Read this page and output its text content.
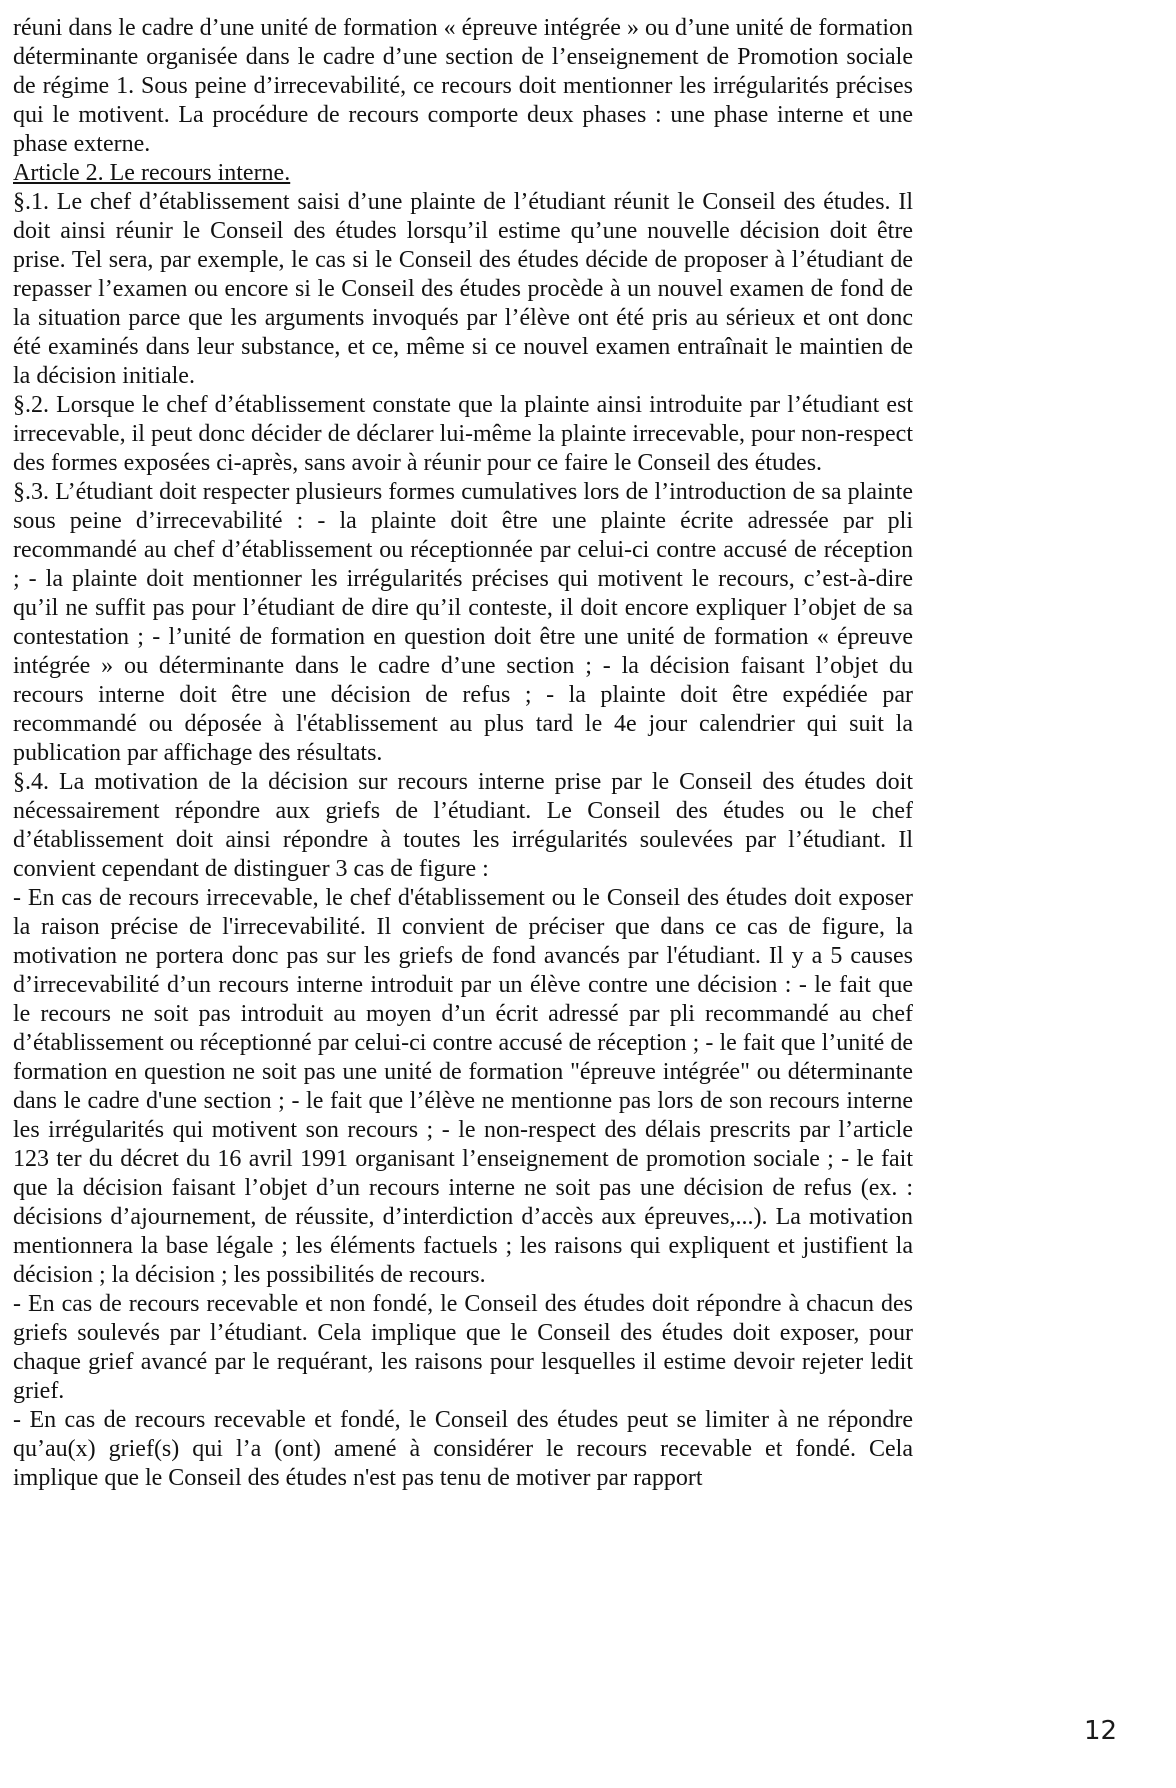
réuni dans le cadre d’une unité de formation « épreuve intégrée » ou d’une unité de formation déterminante organisée dans le cadre d’une section de l’enseignement de Promotion sociale de régime 1. Sous peine d’irrecevabilité, ce recours doit mentionner les irrégularités précises qui le motivent. La procédure de recours comporte deux phases : une phase interne et une phase externe.

Article 2. Le recours interne.

§.1. Le chef d’établissement saisi d’une plainte de l’étudiant réunit le Conseil des études. Il doit ainsi réunir le Conseil des études lorsqu’il estime qu’une nouvelle décision doit être prise. Tel sera, par exemple, le cas si le Conseil des études décide de proposer à l’étudiant de repasser l’examen ou encore si le Conseil des études procède à un nouvel examen de fond de la situation parce que les arguments invoqués par l’élève ont été pris au sérieux et ont donc été examinés dans leur substance, et ce, même si ce nouvel examen entraînait le maintien de la décision initiale.

§.2. Lorsque le chef d’établissement constate que la plainte ainsi introduite par l’étudiant est irrecevable, il peut donc décider de déclarer lui-même la plainte irrecevable, pour non-respect des formes exposées ci-après, sans avoir à réunir pour ce faire le Conseil des études.

§.3. L’étudiant doit respecter plusieurs formes cumulatives lors de l’introduction de sa plainte sous peine d’irrecevabilité : - la plainte doit être une plainte écrite adressée par pli recommandé au chef d’établissement ou réceptionnée par celui-ci contre accusé de réception ; - la plainte doit mentionner les irrégularités précises qui motivent le recours, c’est-à-dire qu’il ne suffit pas pour l’étudiant de dire qu’il conteste, il doit encore expliquer l’objet de sa contestation ; - l’unité de formation en question doit être une unité de formation « épreuve intégrée » ou déterminante dans le cadre d’une section ; - la décision faisant l’objet du recours interne doit être une décision de refus ; - la plainte doit être expédiée par recommandé ou déposée à l'établissement au plus tard le 4e jour calendrier qui suit la publication par affichage des résultats.

§.4. La motivation de la décision sur recours interne prise par le Conseil des études doit nécessairement répondre aux griefs de l’étudiant. Le Conseil des études ou le chef d’établissement doit ainsi répondre à toutes les irrégularités soulevées par l’étudiant. Il convient cependant de distinguer 3 cas de figure :

- En cas de recours irrecevable, le chef d'établissement ou le Conseil des études doit exposer la raison précise de l'irrecevabilité. Il convient de préciser que dans ce cas de figure, la motivation ne portera donc pas sur les griefs de fond avancés par l'étudiant. Il y a 5 causes d’irrecevabilité d’un recours interne introduit par un élève contre une décision : - le fait que le recours ne soit pas introduit au moyen d’un écrit adressé par pli recommandé au chef d’établissement ou réceptionné par celui-ci contre accusé de réception ; - le fait que l’unité de formation en question ne soit pas une unité de formation "épreuve intégrée" ou déterminante dans le cadre d'une section ; - le fait que l’élève ne mentionne pas lors de son recours interne les irrégularités qui motivent son recours ; - le non-respect des délais prescrits par l’article 123 ter du décret du 16 avril 1991 organisant l’enseignement de promotion sociale ; - le fait que la décision faisant l’objet d’un recours interne ne soit pas une décision de refus (ex. : décisions d’ajournement, de réussite, d’interdiction d’accès aux épreuves,...). La motivation mentionnera la base légale ; les éléments factuels ; les raisons qui expliquent et justifient la décision ; la décision ; les possibilités de recours.

- En cas de recours recevable et non fondé, le Conseil des études doit répondre à chacun des griefs soulevés par l’étudiant. Cela implique que le Conseil des études doit exposer, pour chaque grief avancé par le requérant, les raisons pour lesquelles il estime devoir rejeter ledit grief.

- En cas de recours recevable et fondé, le Conseil des études peut se limiter à ne répondre qu’au(x) grief(s) qui l’a (ont) amené à considérer le recours recevable et fondé. Cela implique que le Conseil des études n'est pas tenu de motiver par rapport

12
